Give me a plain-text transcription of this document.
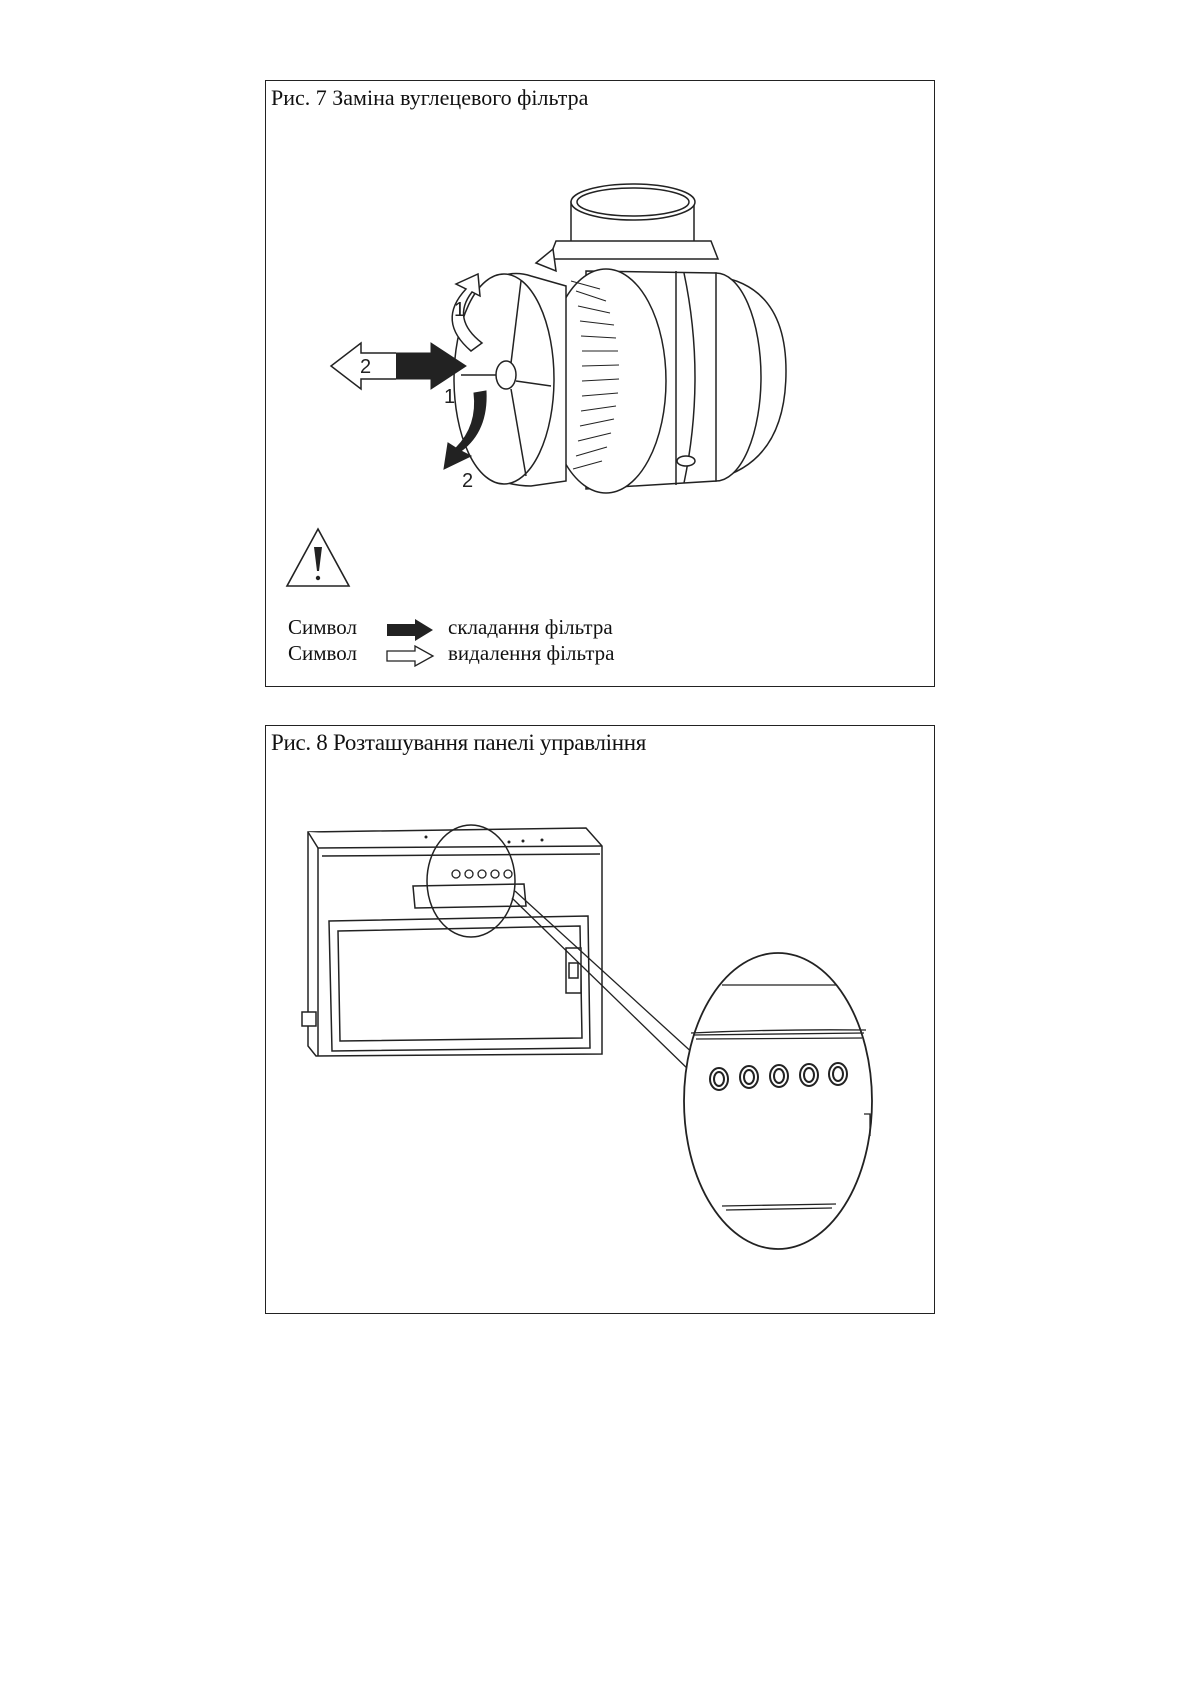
Рис. 7 Заміна вуглецевого фільтра
1
1
2
2
Символ	складання фільтра
Символ	видалення фільтра
Рис. 8 Розташування панелі управління
